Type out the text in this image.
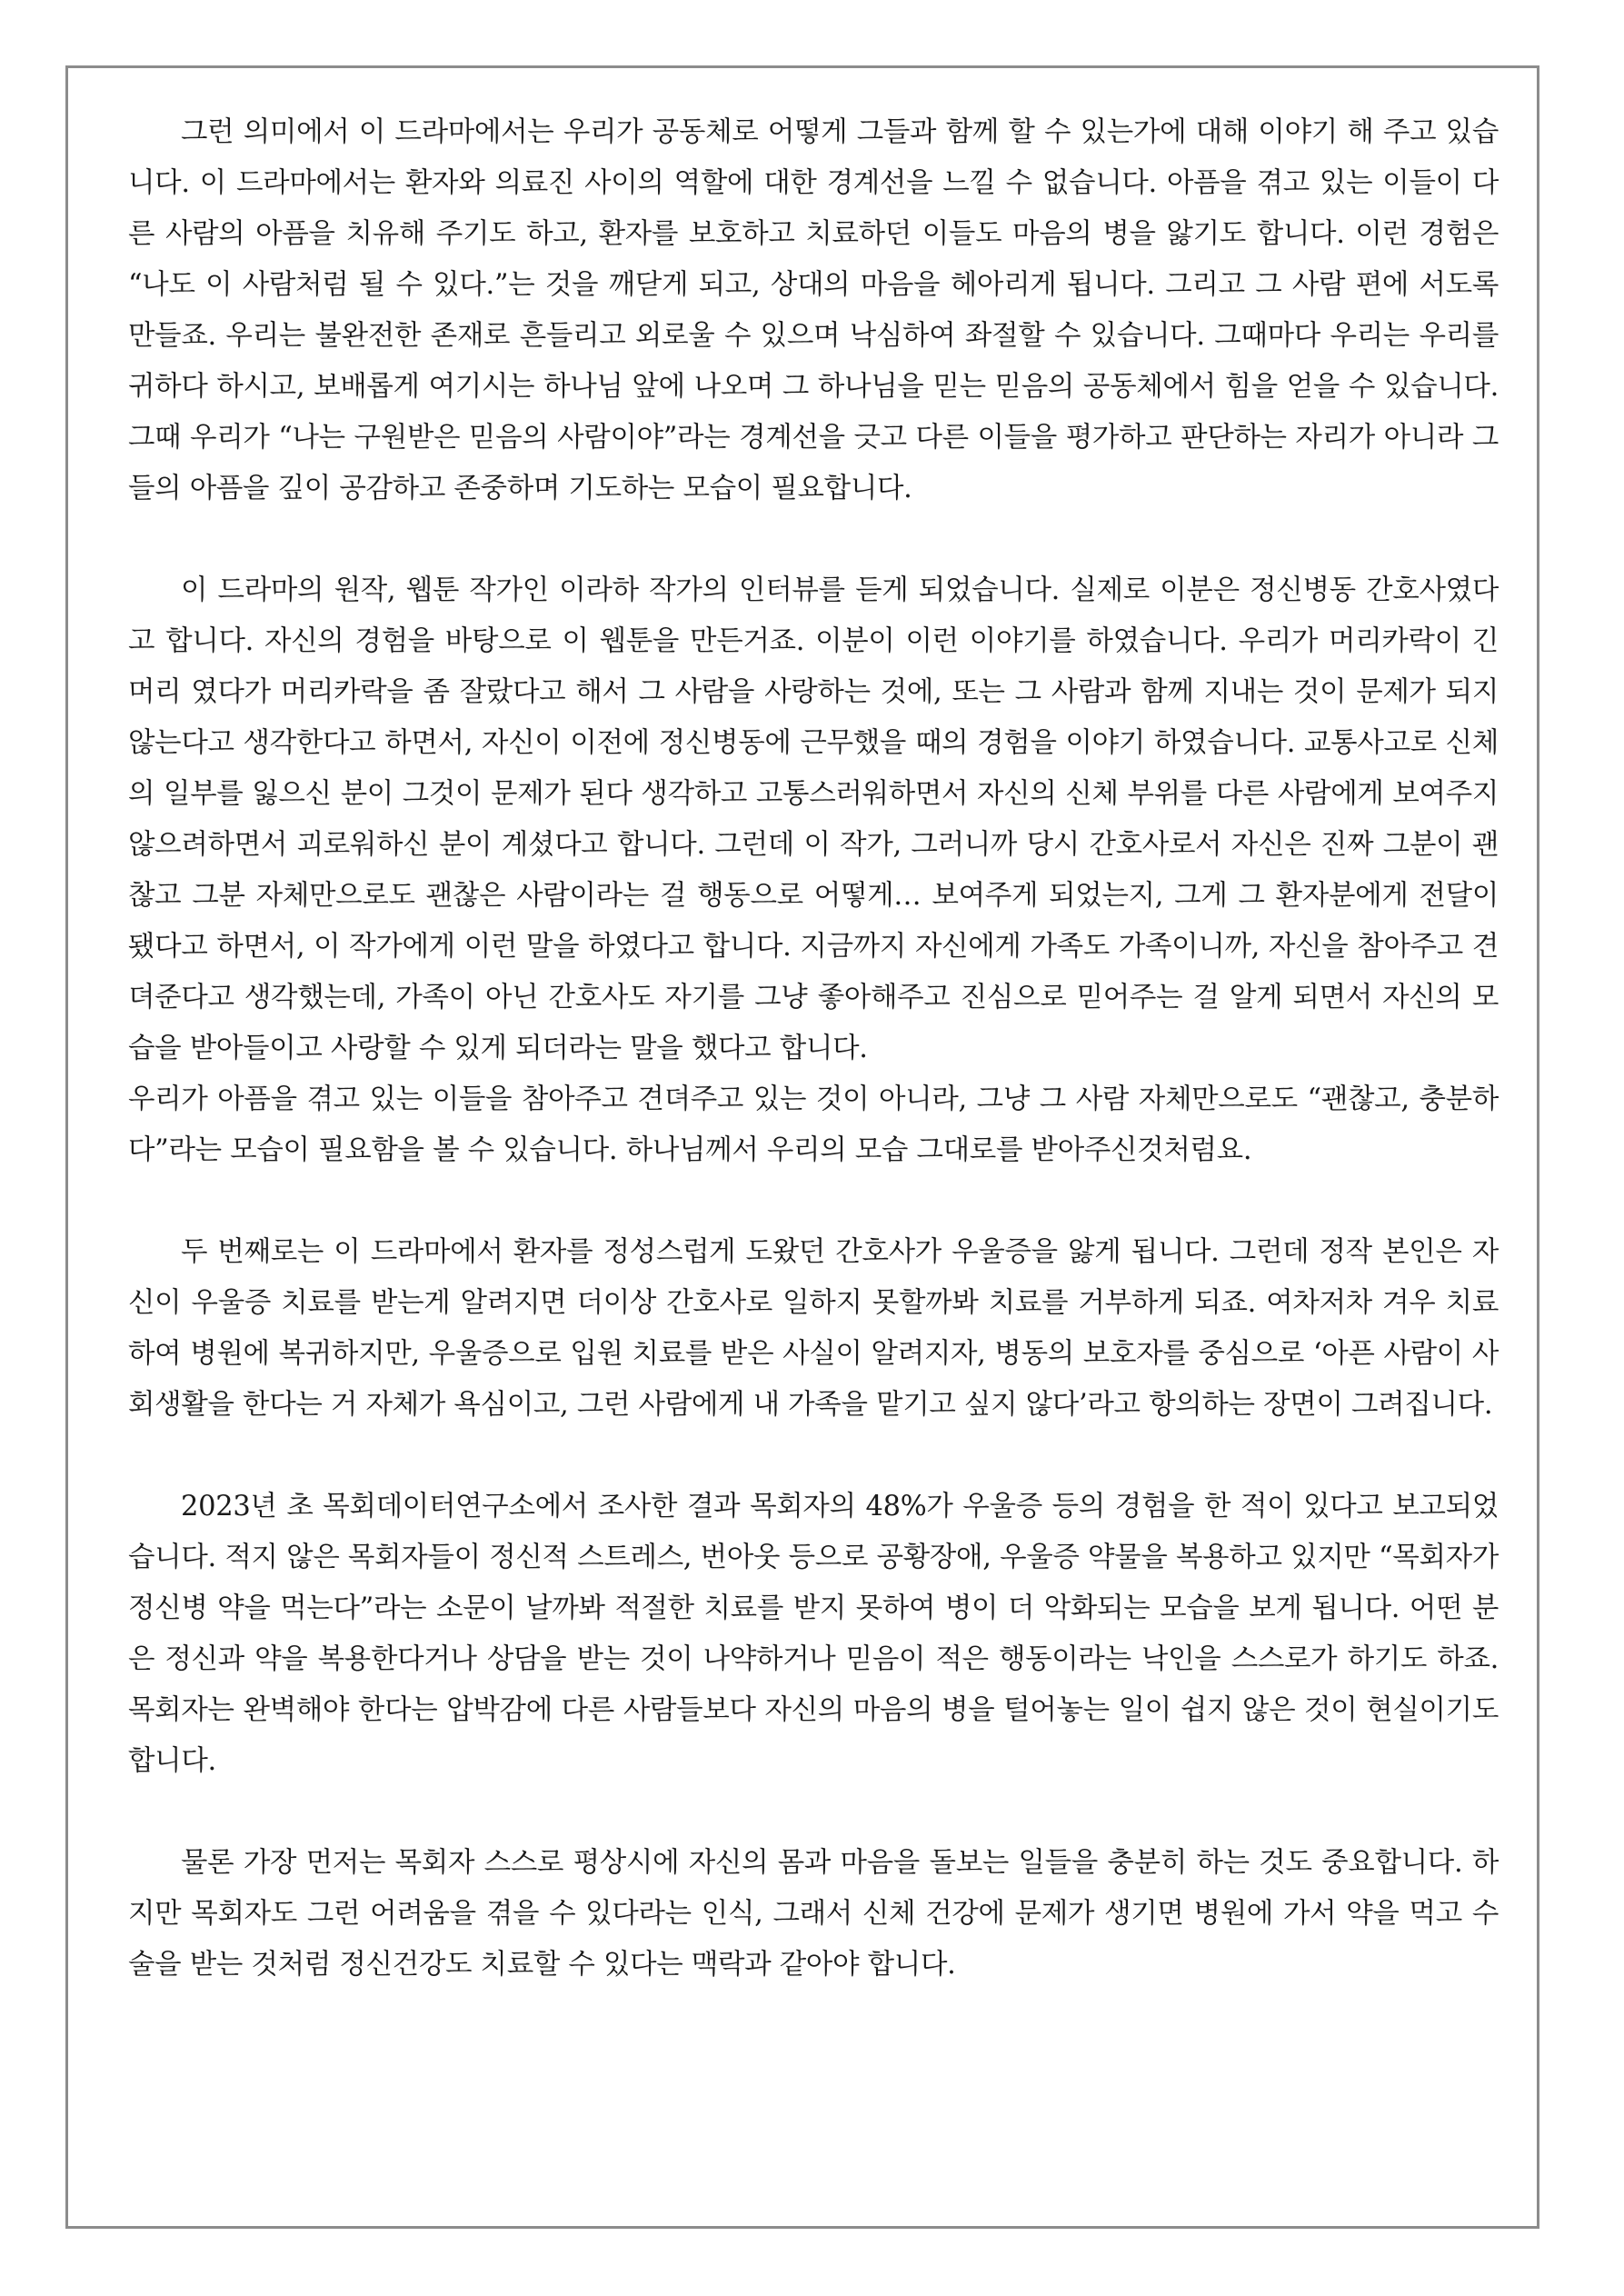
그런 의미에서 이 드라마에서는 우리가 공동체로 어떻게 그들과 함께 할 수 있는가에 대해 이야기 해 주고 있습니다. 이 드라마에서는 환자와 의료진 사이의 역할에 대한 경계선을 느낄 수 없습니다. 아픔을 겪고 있는 이들이 다른 사람의 아픔을 치유해 주기도 하고, 환자를 보호하고 치료하던 이들도 마음의 병을 앓기도 합니다. 이런 경험은 “나도 이 사람처럼 될 수 있다.”는 것을 깨닫게 되고, 상대의 마음을 헤아리게 됩니다. 그리고 그 사람 편에 서도록 만들죠. 우리는 불완전한 존재로 흔들리고 외로울 수 있으며 낙심하여 좌절할 수 있습니다. 그때마다 우리는 우리를 귀하다 하시고, 보배롭게 여기시는 하나님 앞에 나오며 그 하나님을 믿는 믿음의 공동체에서 힘을 얻을 수 있습니다. 그때 우리가 “나는 구원받은 믿음의 사람이야”라는 경계선을 긋고 다른 이들을 평가하고 판단하는 자리가 아니라 그들의 아픔을 깊이 공감하고 존중하며 기도하는 모습이 필요합니다.

이 드라마의 원작, 웹툰 작가인 이라하 작가의 인터뷰를 듣게 되었습니다. 실제로 이분은 정신병동 간호사였다고 합니다. 자신의 경험을 바탕으로 이 웹툰을 만든거죠. 이분이 이런 이야기를 하였습니다. 우리가 머리카락이 긴 머리 였다가 머리카락을 좀 잘랐다고 해서 그 사람을 사랑하는 것에, 또는 그 사람과 함께 지내는 것이 문제가 되지 않는다고 생각한다고 하면서, 자신이 이전에 정신병동에 근무했을 때의 경험을 이야기 하였습니다. 교통사고로 신체의 일부를 잃으신 분이 그것이 문제가 된다 생각하고 고통스러워하면서 자신의 신체 부위를 다른 사람에게 보여주지 않으려하면서 괴로워하신 분이 계셨다고 합니다. 그런데 이 작가, 그러니까 당시 간호사로서 자신은 진짜 그분이 괜찮고 그분 자체만으로도 괜찮은 사람이라는 걸 행동으로 어떻게… 보여주게 되었는지, 그게 그 환자분에게 전달이 됐다고 하면서, 이 작가에게 이런 말을 하였다고 합니다. 지금까지 자신에게 가족도 가족이니까, 자신을 참아주고 견뎌준다고 생각했는데, 가족이 아닌 간호사도 자기를 그냥 좋아해주고 진심으로 믿어주는 걸 알게 되면서 자신의 모습을 받아들이고 사랑할 수 있게 되더라는 말을 했다고 합니다.

우리가 아픔을 겪고 있는 이들을 참아주고 견뎌주고 있는 것이 아니라, 그냥 그 사람 자체만으로도 “괜찮고, 충분하다”라는 모습이 필요함을 볼 수 있습니다. 하나님께서 우리의 모습 그대로를 받아주신것처럼요.

두 번째로는 이 드라마에서 환자를 정성스럽게 도왔던 간호사가 우울증을 앓게 됩니다. 그런데 정작 본인은 자신이 우울증 치료를 받는게 알려지면 더이상 간호사로 일하지 못할까봐 치료를 거부하게 되죠. 여차저차 겨우 치료하여 병원에 복귀하지만, 우울증으로 입원 치료를 받은 사실이 알려지자, 병동의 보호자를 중심으로 ‘아픈 사람이 사회생활을 한다는 거 자체가 욕심이고, 그런 사람에게 내 가족을 맡기고 싶지 않다’라고 항의하는 장면이 그려집니다.

2023년 초 목회데이터연구소에서 조사한 결과 목회자의 48%가 우울증 등의 경험을 한 적이 있다고 보고되었습니다. 적지 않은 목회자들이 정신적 스트레스, 번아웃 등으로 공황장애, 우울증 약물을 복용하고 있지만 “목회자가 정신병 약을 먹는다”라는 소문이 날까봐 적절한 치료를 받지 못하여 병이 더 악화되는 모습을 보게 됩니다. 어떤 분은 정신과 약을 복용한다거나 상담을 받는 것이 나약하거나 믿음이 적은 행동이라는 낙인을 스스로가 하기도 하죠. 목회자는 완벽해야 한다는 압박감에 다른 사람들보다 자신의 마음의 병을 털어놓는 일이 쉽지 않은 것이 현실이기도 합니다.

물론 가장 먼저는 목회자 스스로 평상시에 자신의 몸과 마음을 돌보는 일들을 충분히 하는 것도 중요합니다. 하지만 목회자도 그런 어려움을 겪을 수 있다라는 인식, 그래서 신체 건강에 문제가 생기면 병원에 가서 약을 먹고 수술을 받는 것처럼 정신건강도 치료할 수 있다는 맥락과 같아야 합니다.
